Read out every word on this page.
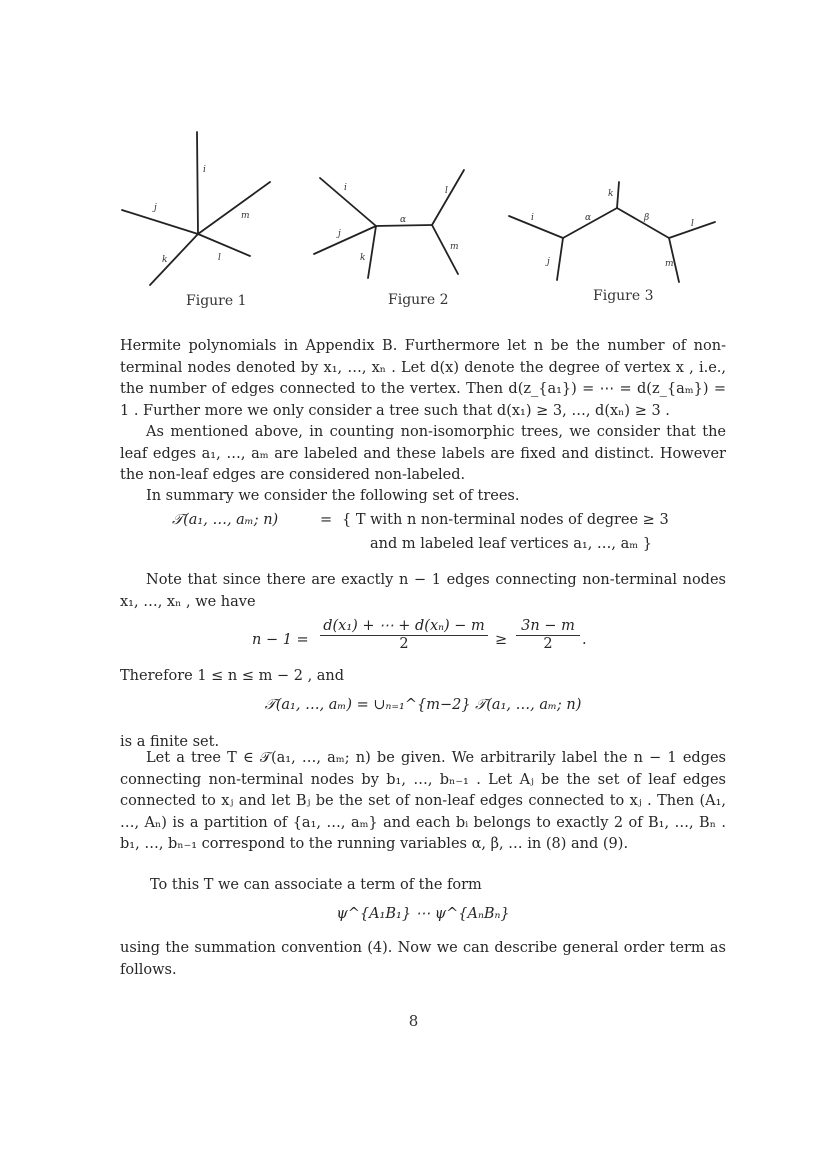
i
j
m
k	l
Figure 1
i
j
k
α
l
m
Figure 2
i
j
α
k
β
l
m
Figure 3
Hermite polynomials in Appendix B. Furthermore let n be the number of non-terminal nodes denoted by x₁, …, xₙ . Let d(x) denote the degree of vertex x , i.e., the number of edges connected to the vertex. Then d(z_{a₁}) = ⋯ = d(z_{aₘ}) = 1 . Further more we only consider a tree such that d(x₁) ≥ 3, …, d(xₙ) ≥ 3 .
As mentioned above, in counting non-isomorphic trees, we consider that the leaf edges a₁, …, aₘ are labeled and these labels are fixed and distinct. However the non-leaf edges are considered non-labeled.
In summary we consider the following set of trees.
𝒯(a₁, …, aₘ; n)	= { T with n non-terminal nodes of degree ≥ 3
and m labeled leaf vertices a₁, …, aₘ }
Note that since there are exactly n − 1 edges connecting non-terminal nodes x₁, …, xₙ , we have
$n - 1 = \frac{\text{d(x₁) + ⋯ + d(xₙ) − m}}{2} \ge \frac{3n - m}{2}$ .
Therefore 1 ≤ n ≤ m − 2 , and
𝒯(a₁, …, aₘ) = ∪ₙ₌₁^{m−2} 𝒯(a₁, …, aₘ; n)
is a finite set.
Let a tree T ∈ 𝒯(a₁, …, aₘ; n) be given. We arbitrarily label the n − 1 edges connecting non-terminal nodes by b₁, …, bₙ₋₁ . Let Aⱼ be the set of leaf edges connected to xⱼ and let Bⱼ be the set of non-leaf edges connected to xⱼ . Then (A₁, …, Aₙ) is a partition of {a₁, …, aₘ} and each bᵢ belongs to exactly 2 of B₁, …, Bₙ . b₁, …, bₙ₋₁ correspond to the running variables α, β, … in (8) and (9).
To this T we can associate a term of the form
ψ^{A₁B₁} ⋯ ψ^{AₙBₙ}
using the summation convention (4). Now we can describe general order term as follows.
8
